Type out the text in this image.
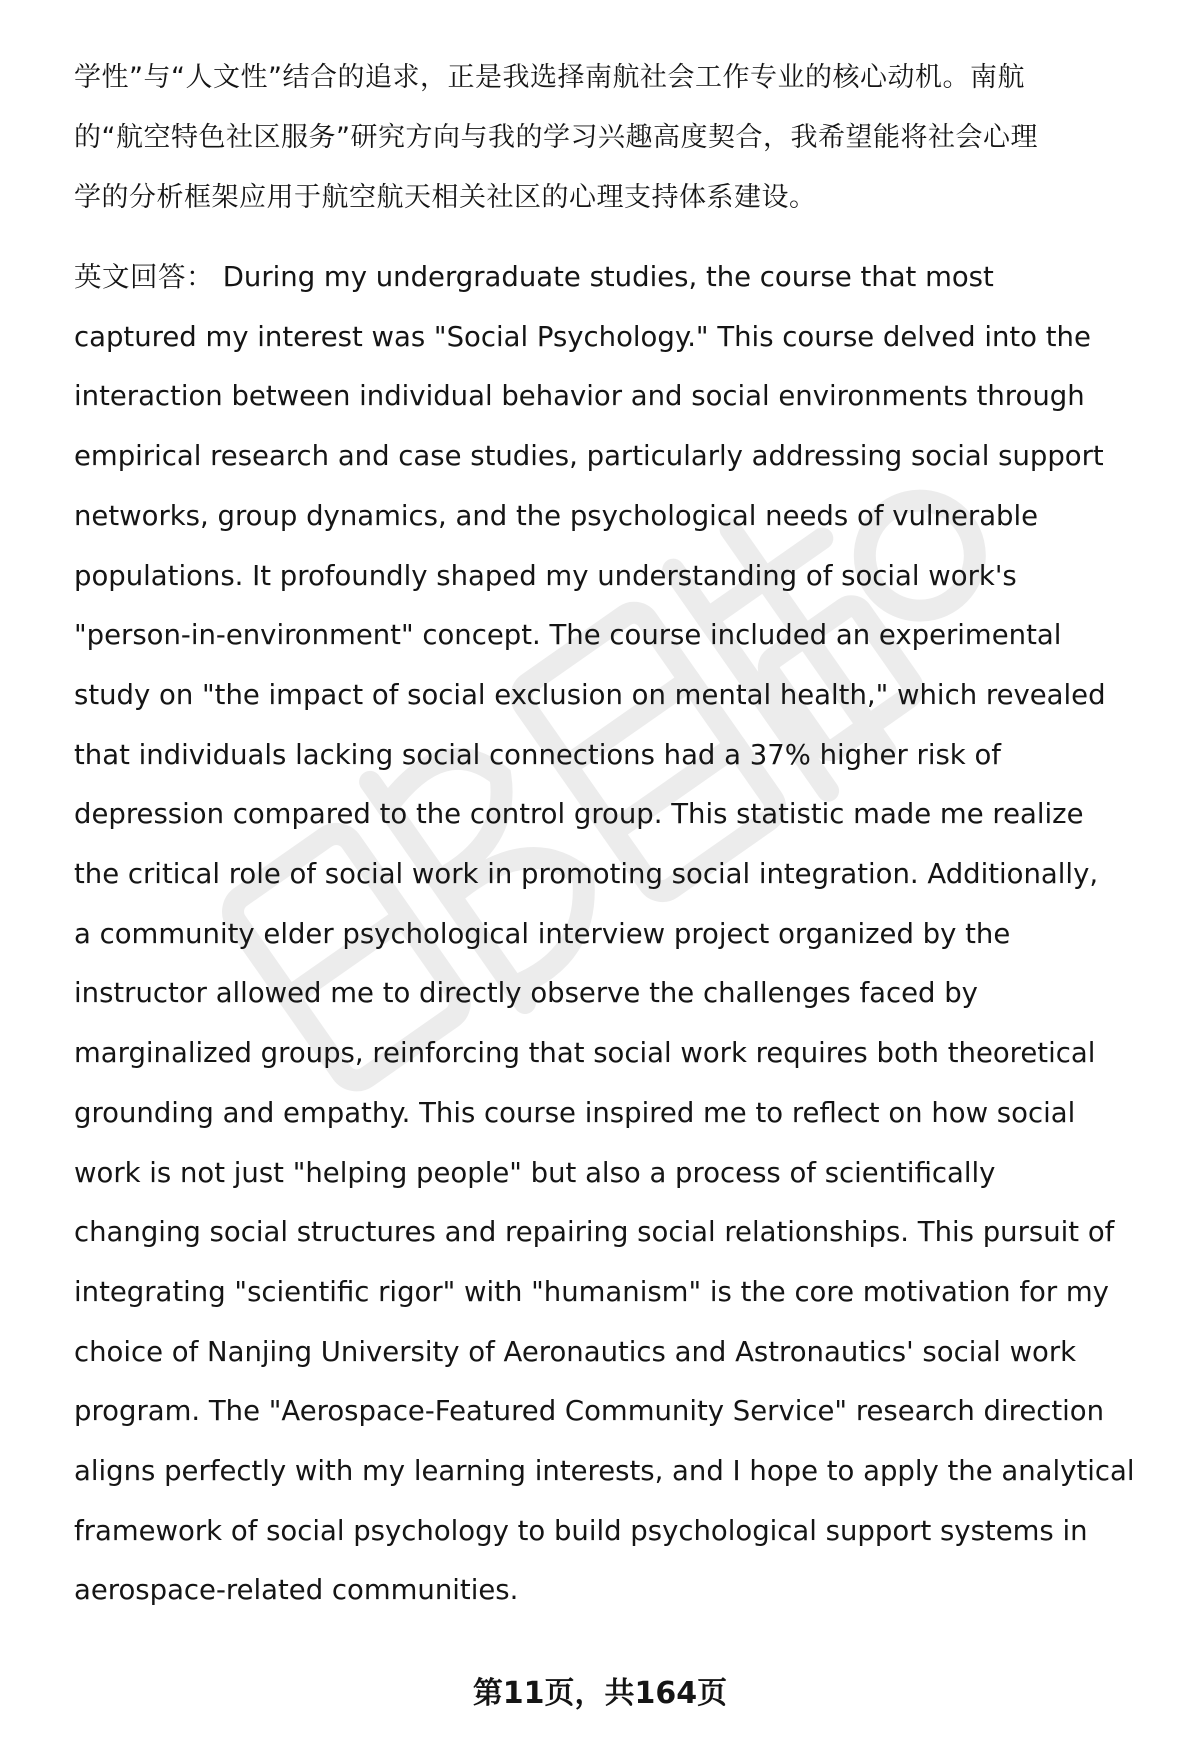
学性”与“人文性”结合的追求，正是我选择南航社会工作专业的核心动机。南航
的“航空特色社区服务”研究方向与我的学习兴趣高度契合，我希望能将社会心理
学的分析框架应用于航空航天相关社区的心理支持体系建设。

英文回答： During my undergraduate studies, the course that most
captured my interest was "Social Psychology." This course delved into the
interaction between individual behavior and social environments through
empirical research and case studies, particularly addressing social support
networks, group dynamics, and the psychological needs of vulnerable
populations. It profoundly shaped my understanding of social work's
"person-in-environment" concept. The course included an experimental
study on "the impact of social exclusion on mental health," which revealed
that individuals lacking social connections had a 37% higher risk of
depression compared to the control group. This statistic made me realize
the critical role of social work in promoting social integration. Additionally,
a community elder psychological interview project organized by the
instructor allowed me to directly observe the challenges faced by
marginalized groups, reinforcing that social work requires both theoretical
grounding and empathy. This course inspired me to reflect on how social
work is not just "helping people" but also a process of scientifically
changing social structures and repairing social relationships. This pursuit of
integrating "scientific rigor" with "humanism" is the core motivation for my
choice of Nanjing University of Aeronautics and Astronautics' social work
program. The "Aerospace-Featured Community Service" research direction
aligns perfectly with my learning interests, and I hope to apply the analytical
framework of social psychology to build psychological support systems in
aerospace-related communities.

第11页，共164页
